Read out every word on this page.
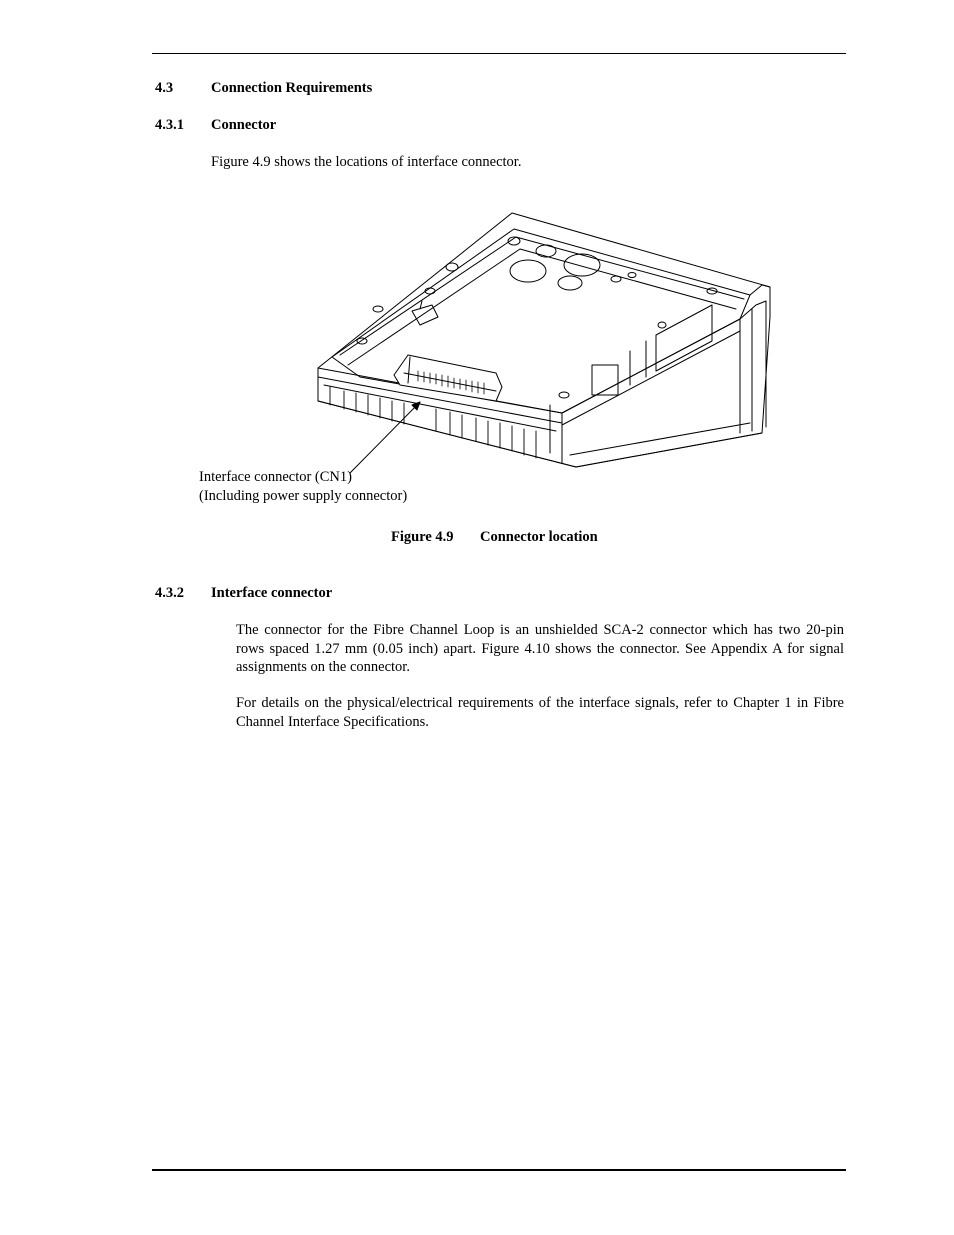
4.3	Connection Requirements
4.3.1 Connector
Figure 4.9 shows the locations of interface connector.
Interface connector (CN1)
(Including power supply connector)
Figure 4.9 Connector location
4.3.2 Interface connector
The connector for the Fibre Channel Loop is an unshielded SCA-2 connector which has two 20-pin rows spaced 1.27 mm (0.05 inch) apart. Figure 4.10 shows the connector. See Appendix A for signal assignments on the connector.
For details on the physical/electrical requirements of the interface signals, refer to Chapter 1 in Fibre Channel Interface Specifications.
